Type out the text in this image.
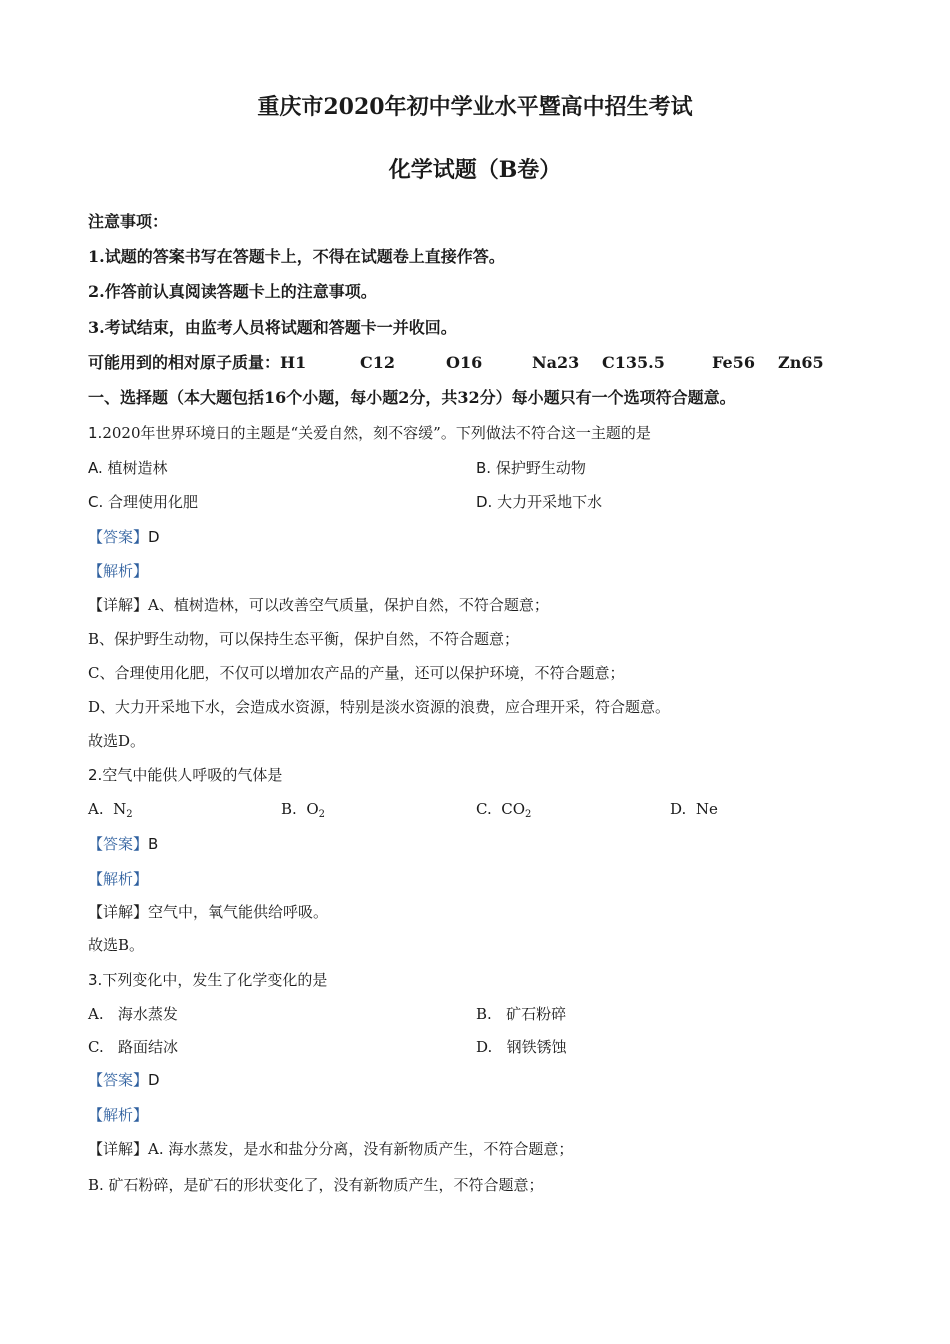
重庆市2020年初中学业水平暨高中招生考试
化学试题（B卷）
注意事项：
1.试题的答案书写在答题卡上，不得在试题卷上直接作答。
2.作答前认真阅读答题卡上的注意事项。
3.考试结束，由监考人员将试题和答题卡一并收回。
可能用到的相对原子质量：H1	C12	O16	Na23 C135.5	Fe56 Zn65
一、选择题（本大题包括16个小题，每小题2分，共32分）每小题只有一个选项符合题意。
1.2020年世界环境日的主题是“关爱自然，刻不容缓”。下列做法不符合这一主题的是
A. 植树造林	B. 保护野生动物
C. 合理使用化肥	D. 大力开采地下水
【答案】D
【解析】
【详解】A、植树造林，可以改善空气质量，保护自然，不符合题意；
B、保护野生动物，可以保持生态平衡，保护自然，不符合题意；
C、合理使用化肥，不仅可以增加农产品的产量，还可以保护环境，不符合题意；
D、大力开采地下水，会造成水资源，特别是淡水资源的浪费，应合理开采，符合题意。
故选D。
2.空气中能供人呼吸的气体是
A. $N_2$	B. $O_2$	C. $CO_2$	D. Ne
【答案】B
【解析】
【详解】空气中，氧气能供给呼吸。
故选B。
3.下列变化中，发生了化学变化的是
A. 海水蒸发	B. 矿石粉碎
C. 路面结冰	D. 钢铁锈蚀
【答案】D
【解析】
【详解】A. 海水蒸发，是水和盐分分离，没有新物质产生，不符合题意；
B. 矿石粉碎，是矿石的形状变化了，没有新物质产生，不符合题意；
